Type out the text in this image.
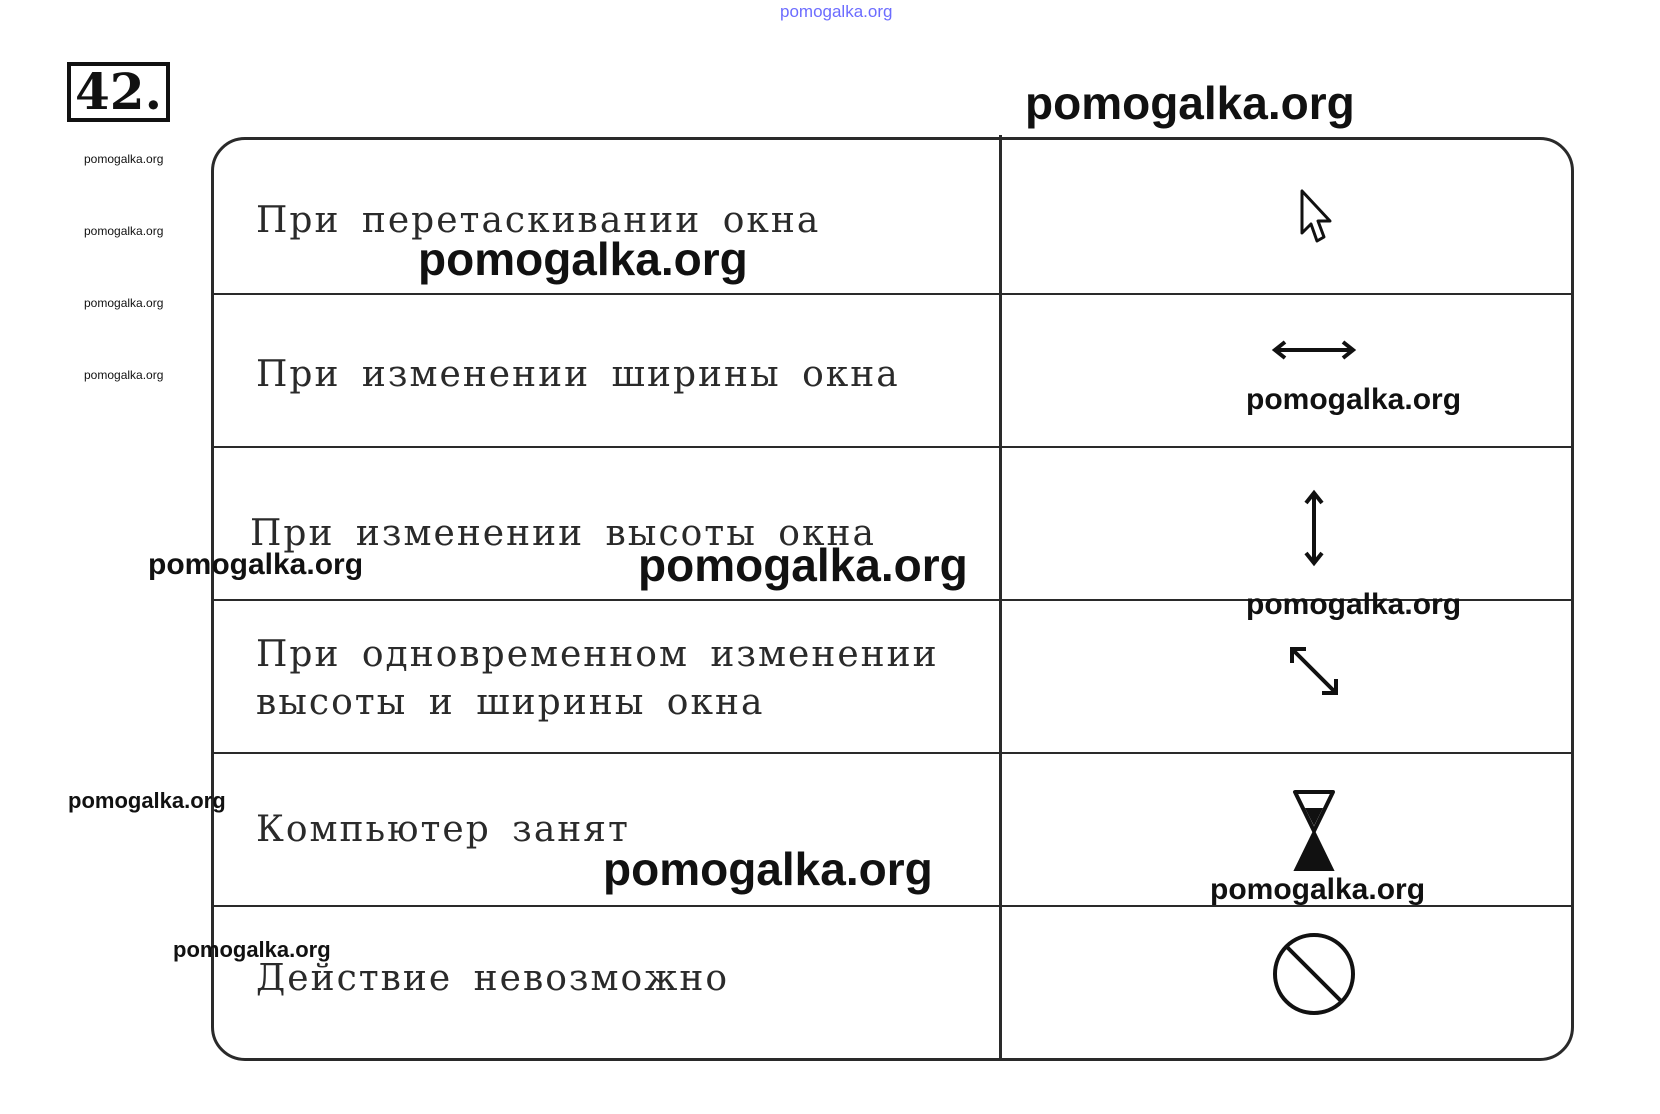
pomogalka.org
42.
При перетаскивании окна
При изменении ширины окна
При изменении высоты окна
При одновременном изменении
высоты и ширины окна
Компьютер занят
Действие невозможно
pomogalka.org
pomogalka.org
pomogalka.org
pomogalka.org
pomogalka.org
pomogalka.org
pomogalka.org
pomogalka.org
pomogalka.org
pomogalka.org
pomogalka.org
pomogalka.org
pomogalka.org
pomogalka.org
